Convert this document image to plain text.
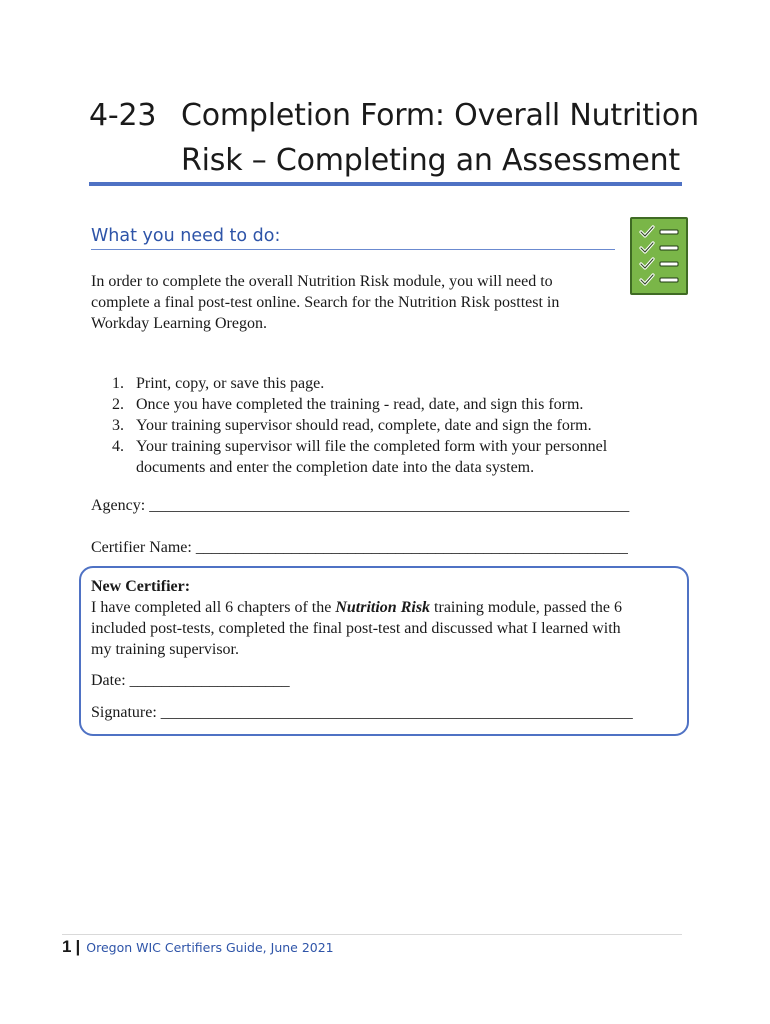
4-23 Completion Form: Overall Nutrition
Risk – Completing an Assessment
What you need to do:
In order to complete the overall Nutrition Risk module, you will need to
complete a final post-test online. Search for the Nutrition Risk posttest in
Workday Learning Oregon.
1. Print, copy, or save this page.
2. Once you have completed the training - read, date, and sign this form.
3. Your training supervisor should read, complete, date and sign the form.
4. Your training supervisor will file the completed form with your personnel
documents and enter the completion date into the data system.
Agency: ____________________________________________________________
Certifier Name: ______________________________________________________
New Certifier:
I have completed all 6 chapters of the Nutrition Risk training module, passed the 6
included post-tests, completed the final post-test and discussed what I learned with
my training supervisor.
Date: ____________________
Signature: ___________________________________________________________
1 | Oregon WIC Certifiers Guide, June 2021
